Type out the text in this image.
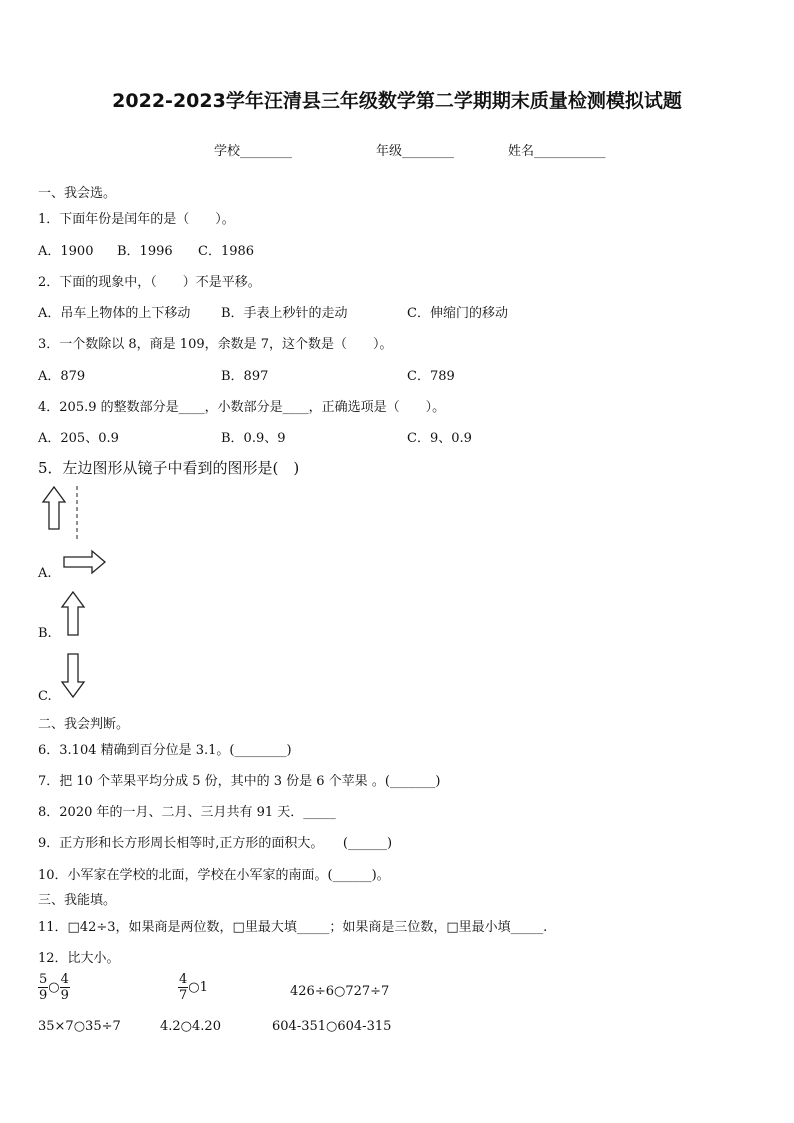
2022-2023学年汪清县三年级数学第二学期期末质量检测模拟试题
学校________	年级________	姓名___________
一、我会选。
1．下面年份是闰年的是（　　）。
A．1900 B．1996 C．1986
2．下面的现象中，（　　）不是平移。
A．吊车上物体的上下移动 B．手表上秒针的走动	C．伸缩门的移动
3．一个数除以 8，商是 109，余数是 7，这个数是（　　）。
A．879	B．897	C．789
4．205.9 的整数部分是____，小数部分是____，正确选项是（　　）。
A．205、0.9	B．0.9、9	C．9、0.9
5．左边图形从镜子中看到的图形是(　)
A.
B.
C.
二、我会判断。
6．3.104 精确到百分位是 3.1。(________)
7．把 10 个苹果平均分成 5 份，其中的 3 份是 6 个苹果 。(_______)
8．2020 年的一月、二月、三月共有 91 天．_____
9．正方形和长方形周长相等时,正方形的面积大。　　(______)
10．小军家在学校的北面，学校在小军家的南面。(______)。
三、我能填。
11．□42÷3，如果商是两位数，□里最大填_____；如果商是三位数，□里最小填_____.
12．比大小。
$\frac{5}{9}$ ○ $\frac{4}{9}$	$\frac{4}{7}$ ○1	426÷6○727÷7
35×7○35÷7	4.2○4.20	604-351○604-315
